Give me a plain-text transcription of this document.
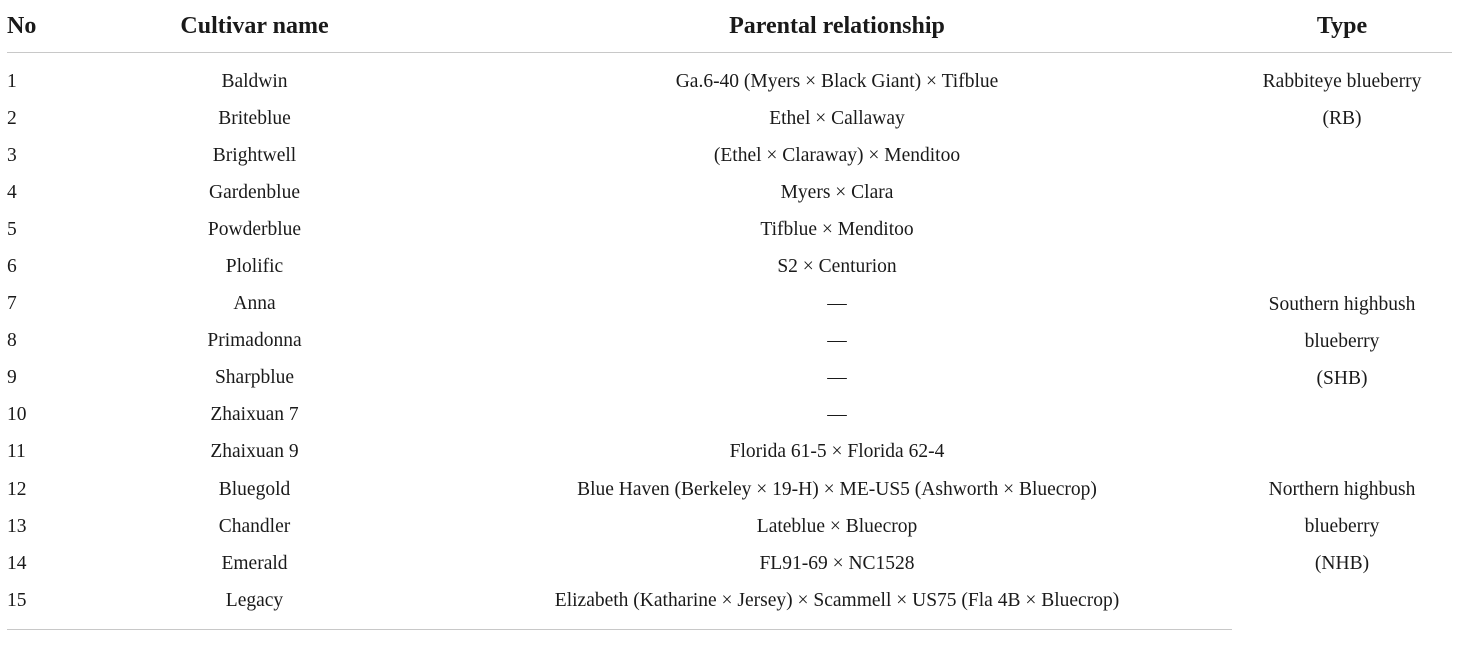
No	Cultivar name	Parental relationship	Type
1	Baldwin	Ga.6-40 (Myers × Black Giant) × Tifblue	Rabbiteye blueberry
(RB)

2	Briteblue	Ethel × Callaway	
3	Brightwell	(Ethel × Claraway) × Menditoo	
4	Gardenblue	Myers × Clara	
5	Powderblue	Tifblue × Menditoo	
6	Plolific	S2 × Centurion	
7	Anna	—	Southern highbush blueberry
(SHB)

8	Primadonna	—	
9	Sharpblue	—	
10	Zhaixuan 7	—	
11	Zhaixuan 9	Florida 61-5 × Florida 62-4	
12	Bluegold	Blue Haven (Berkeley × 19-H) × ME-US5 (Ashworth × Bluecrop)	Northern highbush blueberry
(NHB)

13	Chandler	Lateblue × Bluecrop	
14	Emerald	FL91-69 × NC1528	
15	Legacy	Elizabeth (Katharine × Jersey) × Scammell × US75 (Fla 4B × Bluecrop)	
